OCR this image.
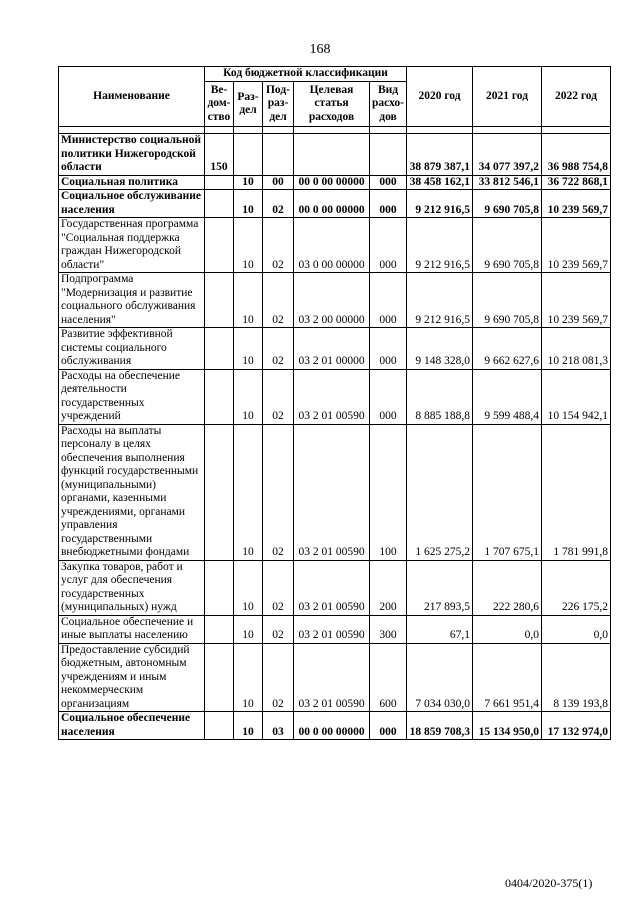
168
Наименование	Код бюджетной классификации					2020 год	2021 год	2022 год
	Ве-дом-ство	Раз-дел	Под-раз-дел	Целевая статья расходов	Вид расхо-дов			

Министерство социальной политики Нижегородской области	150					38 879 387,1	34 077 397,2	36 988 754,8
Социальная политика		10	00	00 0 00 00000	000	38 458 162,1	33 812 546,1	36 722 868,1
Социальное обслуживание населения		10	02	00 0 00 00000	000	9 212 916,5	9 690 705,8	10 239 569,7
Государственная программа "Социальная поддержка граждан Нижегородской области"		10	02	03 0 00 00000	000	9 212 916,5	9 690 705,8	10 239 569,7
Подпрограмма "Модернизация и развитие социального обслуживания населения"		10	02	03 2 00 00000	000	9 212 916,5	9 690 705,8	10 239 569,7
Развитие эффективной системы социального обслуживания		10	02	03 2 01 00000	000	9 148 328,0	9 662 627,6	10 218 081,3
Расходы на обеспечение деятельности государственных учреждений		10	02	03 2 01 00590	000	8 885 188,8	9 599 488,4	10 154 942,1
Расходы на выплаты персоналу в целях обеспечения выполнения функций государственными (муниципальными) органами, казенными учреждениями, органами управления государственными внебюджетными фондами		10	02	03 2 01 00590	100	1 625 275,2	1 707 675,1	1 781 991,8
Закупка товаров, работ и услуг для обеспечения государственных (муниципальных) нужд		10	02	03 2 01 00590	200	217 893,5	222 280,6	226 175,2
Социальное обеспечение и иные выплаты населению		10	02	03 2 01 00590	300	67,1	0,0	0,0
Предоставление субсидий бюджетным, автономным учреждениям и иным некоммерческим организациям		10	02	03 2 01 00590	600	7 034 030,0	7 661 951,4	8 139 193,8
Социальное обеспечение населения		10	03	00 0 00 00000	000	18 859 708,3	15 134 950,0	17 132 974,0
0404/2020-375(1)
